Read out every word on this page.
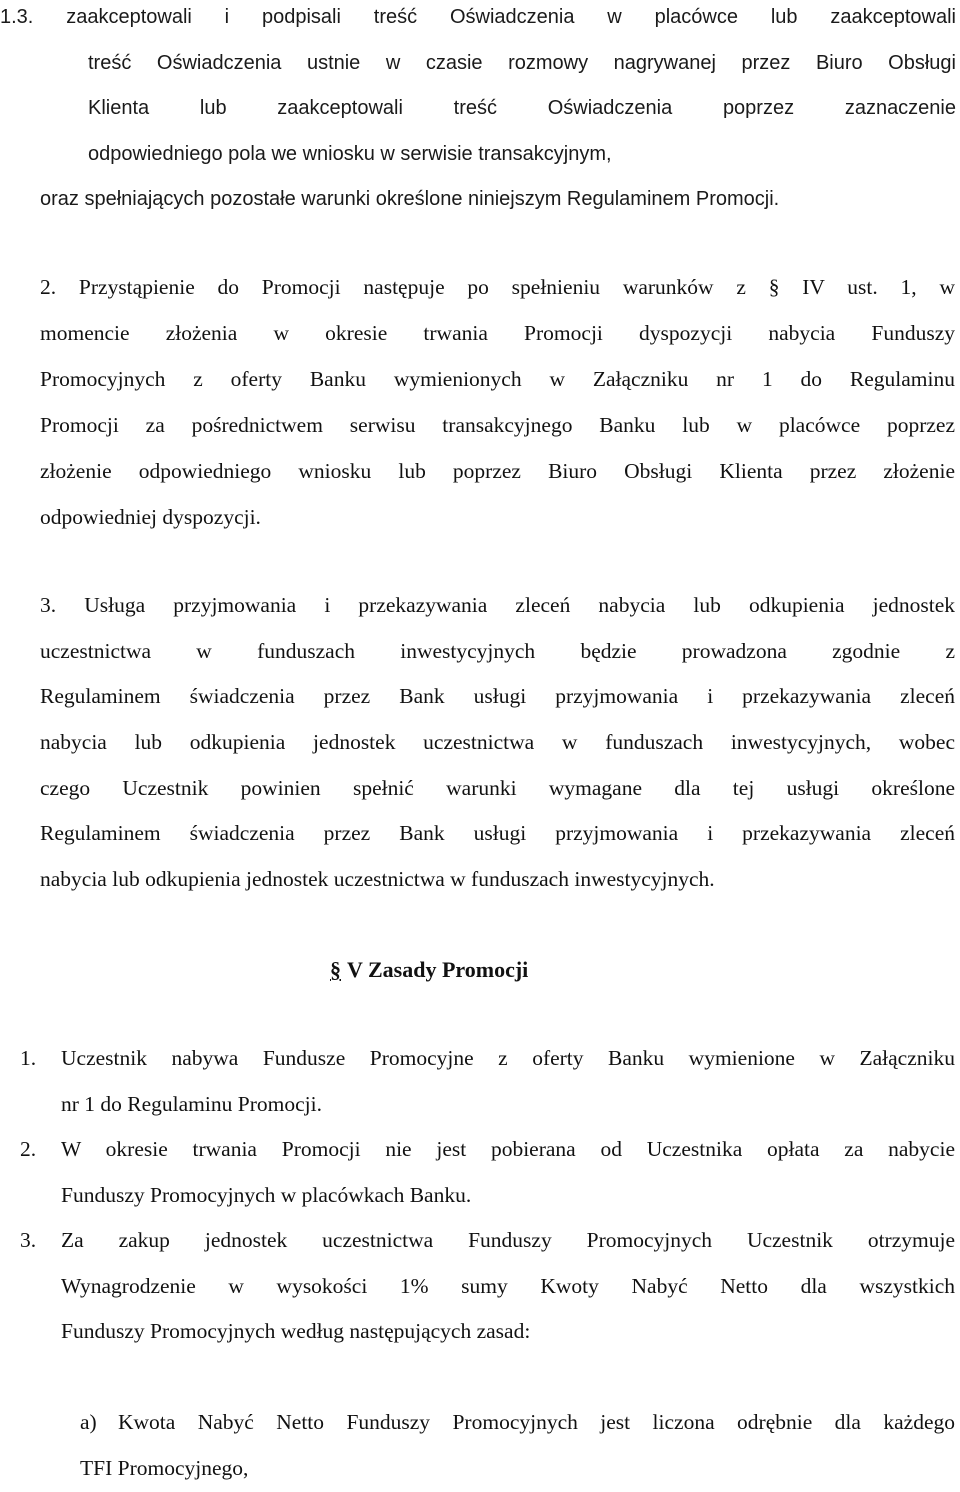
1.3. zaakceptowali i podpisali treść Oświadczenia w placówce lub zaakceptowali
treść Oświadczenia ustnie w czasie rozmowy nagrywanej przez Biuro Obsługi
Klienta lub zaakceptowali treść Oświadczenia poprzez zaznaczenie
odpowiedniego pola we wniosku w serwisie transakcyjnym,
oraz spełniających pozostałe warunki określone niniejszym Regulaminem Promocji.
2. Przystąpienie do Promocji następuje po spełnieniu warunków z § IV ust. 1, w
momencie złożenia w okresie trwania Promocji dyspozycji nabycia Funduszy
Promocyjnych z oferty Banku wymienionych w Załączniku nr 1 do Regulaminu
Promocji za pośrednictwem serwisu transakcyjnego Banku lub w placówce poprzez
złożenie odpowiedniego wniosku lub poprzez Biuro Obsługi Klienta przez złożenie
odpowiedniej dyspozycji.
3. Usługa przyjmowania i przekazywania zleceń nabycia lub odkupienia jednostek
uczestnictwa w funduszach inwestycyjnych będzie prowadzona zgodnie z
Regulaminem świadczenia przez Bank usługi przyjmowania i przekazywania zleceń
nabycia lub odkupienia jednostek uczestnictwa w funduszach inwestycyjnych, wobec
czego Uczestnik powinien spełnić warunki wymagane dla tej usługi określone
Regulaminem świadczenia przez Bank usługi przyjmowania i przekazywania zleceń
nabycia lub odkupienia jednostek uczestnictwa w funduszach inwestycyjnych.
§ V Zasady Promocji
1.	Uczestnik nabywa Fundusze Promocyjne z oferty Banku wymienione w Załączniku
nr 1 do Regulaminu Promocji.
2.	W okresie trwania Promocji nie jest pobierana od Uczestnika opłata za nabycie
Funduszy Promocyjnych w placówkach Banku.
3.	Za zakup jednostek uczestnictwa Funduszy Promocyjnych Uczestnik otrzymuje
Wynagrodzenie w wysokości 1% sumy Kwoty Nabyć Netto dla wszystkich
Funduszy Promocyjnych według następujących zasad:
a) Kwota Nabyć Netto Funduszy Promocyjnych jest liczona odrębnie dla każdego
TFI Promocyjnego,
